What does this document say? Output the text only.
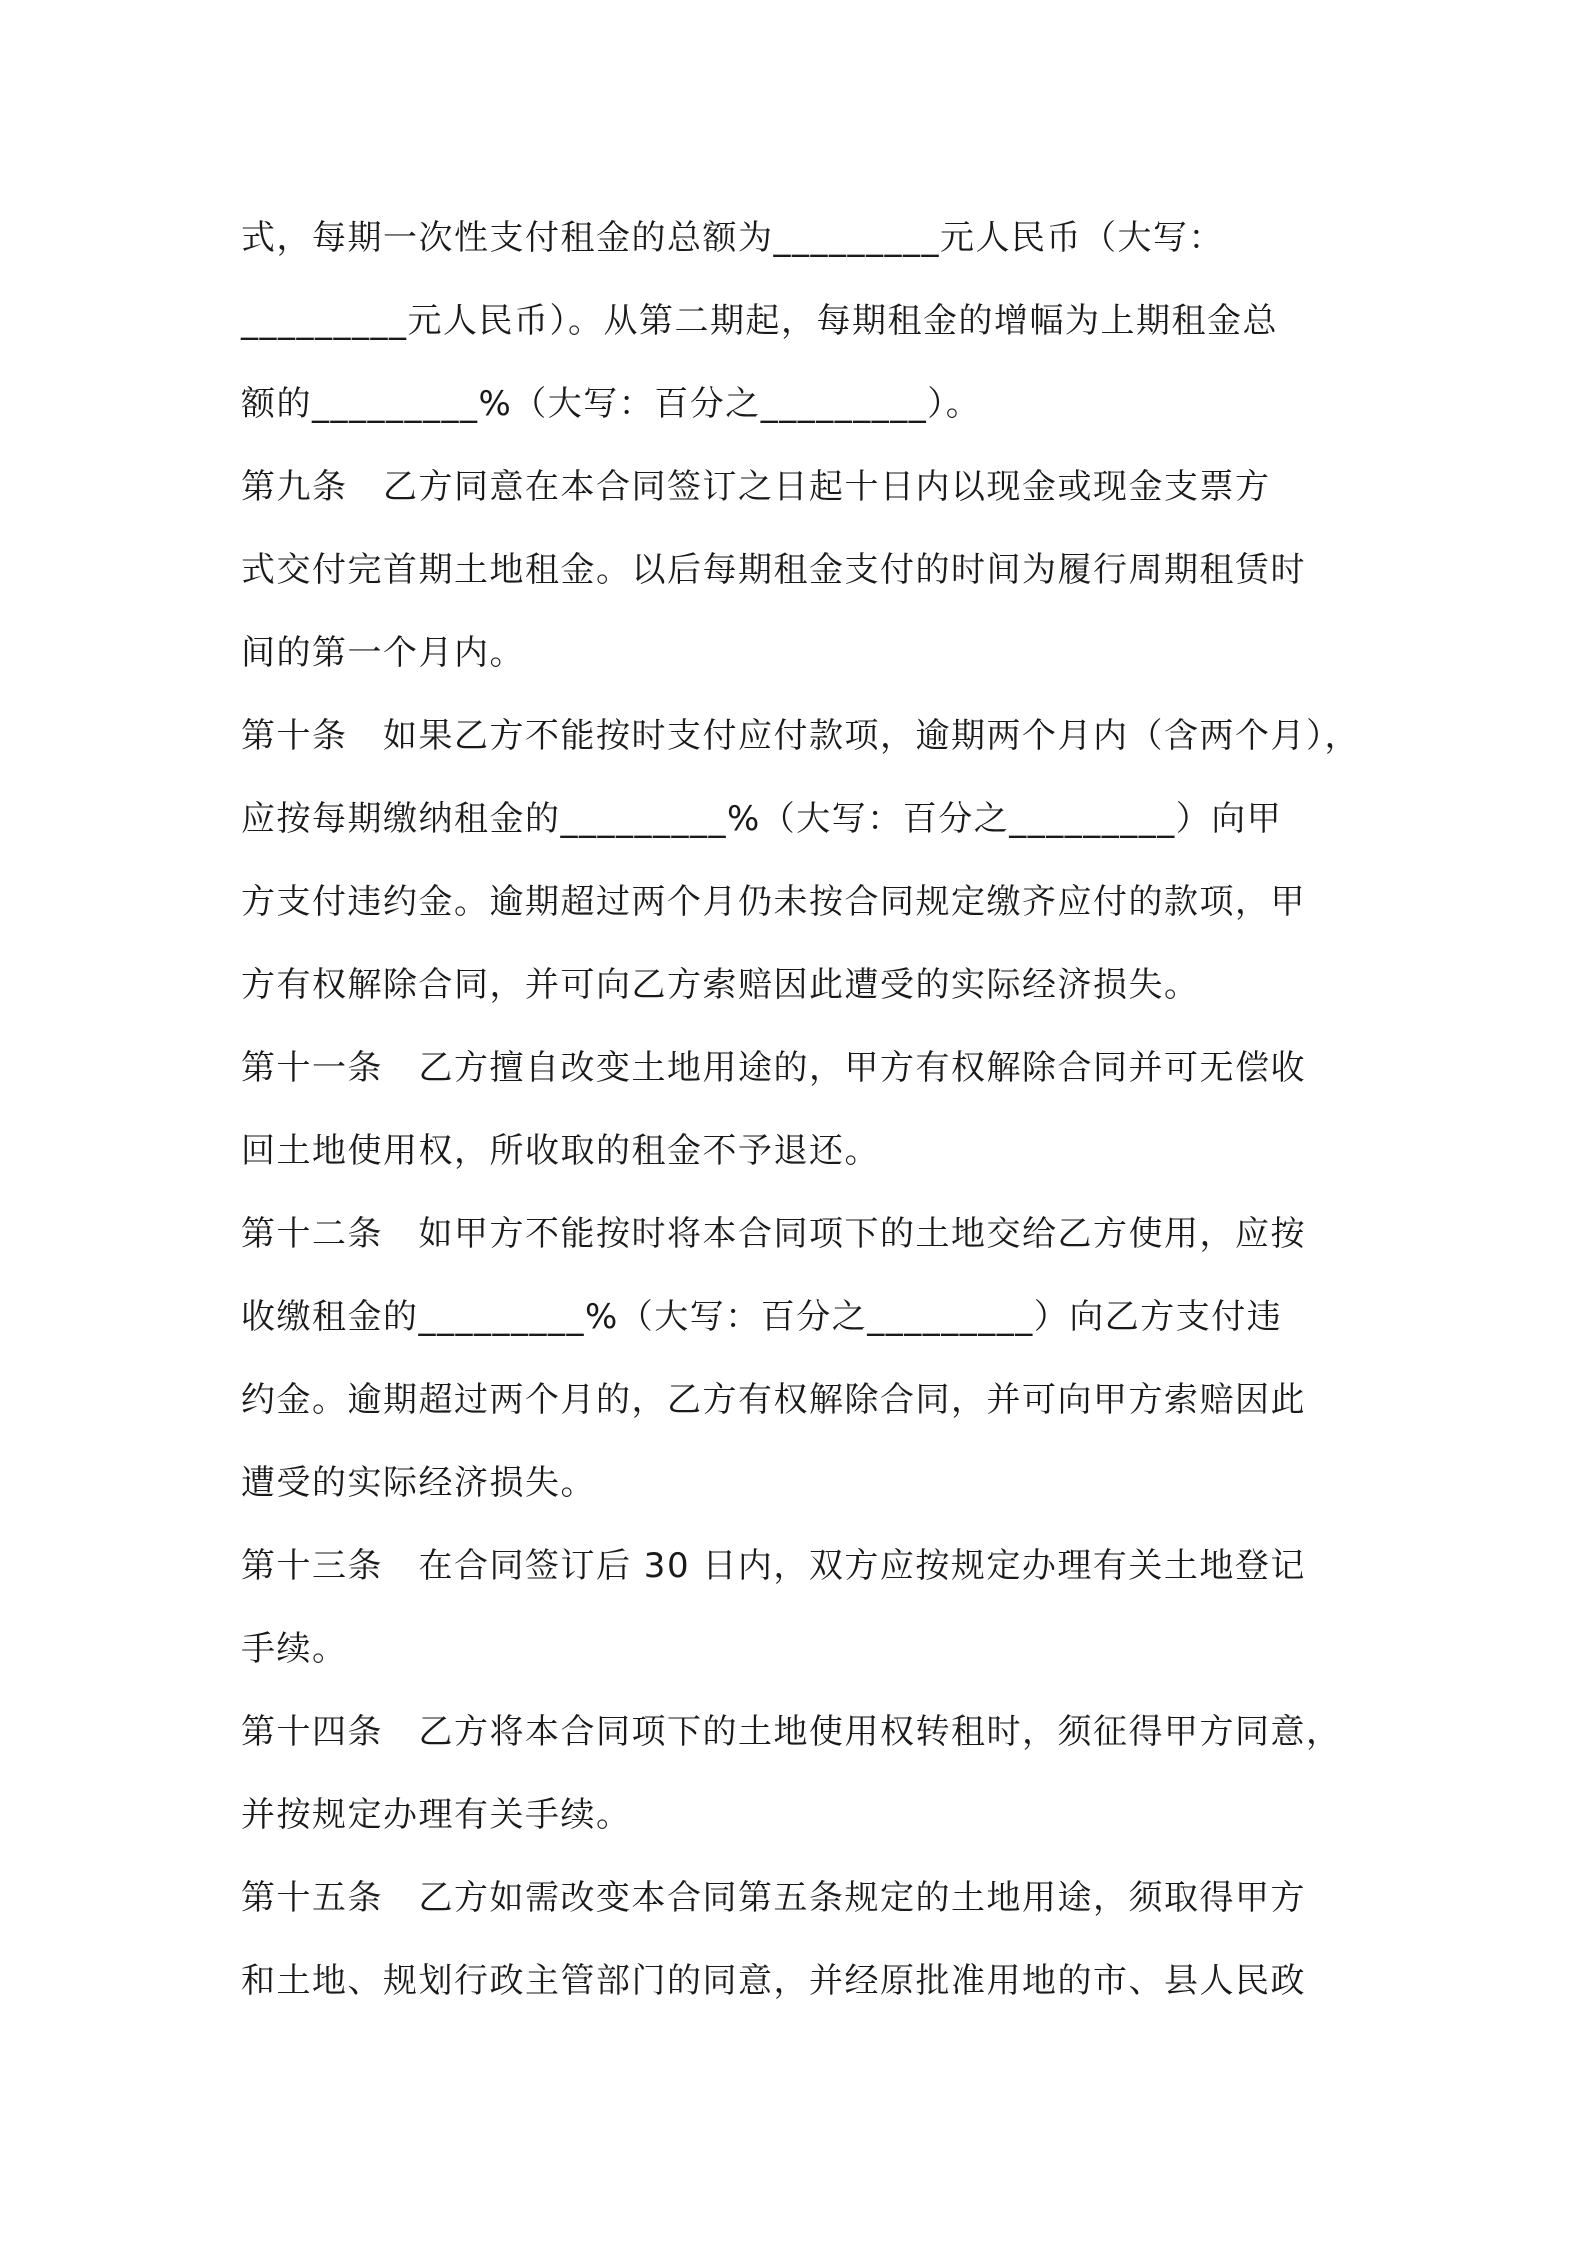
式，每期一次性支付租金的总额为_________元人民币（大写：
_________元人民币）。从第二期起，每期租金的增幅为上期租金总
额的_________%（大写：百分之_________）。
第九条　乙方同意在本合同签订之日起十日内以现金或现金支票方
式交付完首期土地租金。以后每期租金支付的时间为履行周期租赁时
间的第一个月内。
第十条　如果乙方不能按时支付应付款项，逾期两个月内（含两个月），
应按每期缴纳租金的_________%（大写：百分之_________）向甲
方支付违约金。逾期超过两个月仍未按合同规定缴齐应付的款项，甲
方有权解除合同，并可向乙方索赔因此遭受的实际经济损失。
第十一条　乙方擅自改变土地用途的，甲方有权解除合同并可无偿收
回土地使用权，所收取的租金不予退还。
第十二条　如甲方不能按时将本合同项下的土地交给乙方使用，应按
收缴租金的_________%（大写：百分之_________）向乙方支付违
约金。逾期超过两个月的，乙方有权解除合同，并可向甲方索赔因此
遭受的实际经济损失。
第十三条　在合同签订后 30 日内，双方应按规定办理有关土地登记
手续。
第十四条　乙方将本合同项下的土地使用权转租时，须征得甲方同意，
并按规定办理有关手续。
第十五条　乙方如需改变本合同第五条规定的土地用途，须取得甲方
和土地、规划行政主管部门的同意，并经原批准用地的市、县人民政
